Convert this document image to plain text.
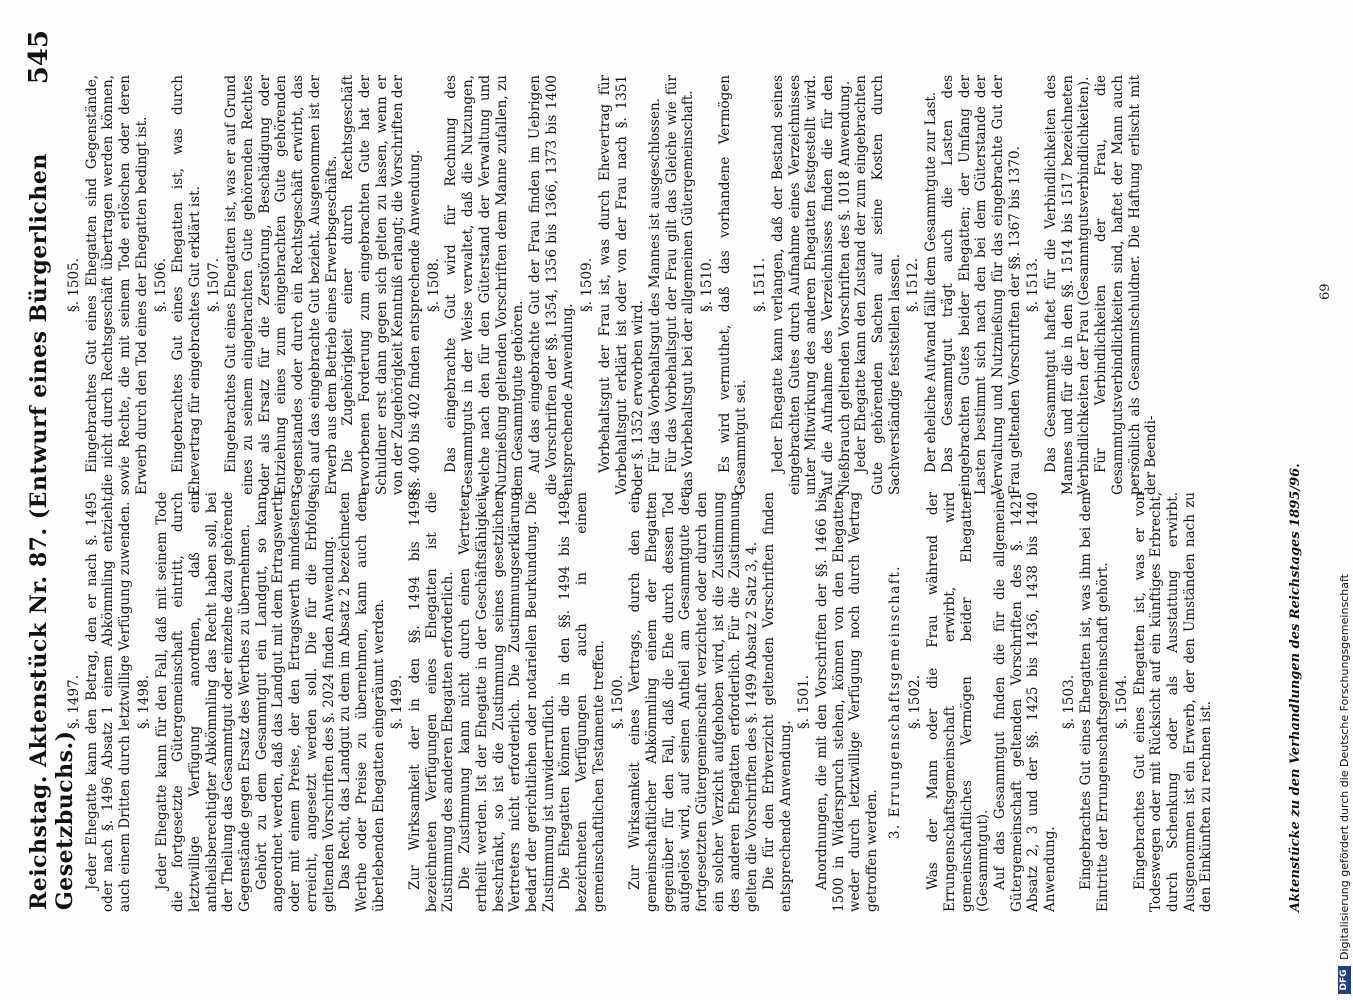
Reichstag. Aktenstück Nr. 87. (Entwurf eines Bürgerlichen Gesetzbuchs.)
545
§. 1497. Jeder Ehegatte kann den Betrag, den er nach §. 1495 oder nach §. 1496 Absatz 1 einem Abkömmling entzieht, auch einem Dritten durch letztwillige Verfügung zuwenden. §. 1498. Jeder Ehegatte kann für den Fall, daß mit seinem Tode die fortgesetzte Gütergemeinschaft eintritt, durch letztwillige Verfügung anordnen, daß ein antheilsberechtigter Abkömmling das Recht haben soll, bei der Theilung das Gesammtgut oder einzelne dazu gehörende Gegenstände gegen Ersatz des Werthes zu übernehmen. Gehört zu dem Gesammtgut ein Landgut, so kann angeordnet werden, daß das Landgut mit dem Ertragswerth oder mit einem Preise, der den Ertragswerth mindestens erreicht, angesetzt werden soll. Die für die Erbfolge geltenden Vorschriften des §. 2024 finden Anwendung. Das Recht, das Landgut zu dem im Absatz 2 bezeichneten Werthe oder Preise zu übernehmen, kann auch dem überlebenden Ehegatten eingeräumt werden. §. 1499. Zur Wirksamkeit der in den §§. 1494 bis 1498 bezeichneten Verfügungen eines Ehegatten ist die Zustimmung des anderen Ehegatten erforderlich. Die Zustimmung kann nicht durch einen Vertreter ertheilt werden. Ist der Ehegatte in der Geschäftsfähigkeit beschränkt, so ist die Zustimmung seines gesetzlichen Vertreters nicht erforderlich. Die Zustimmungserklärung bedarf der gerichtlichen oder notariellen Beurkundung. Die Zustimmung ist unwiderruflich. Die Ehegatten können die in den §§. 1494 bis 1498 bezeichneten Verfügungen auch in einem gemeinschaftlichen Testamente treffen. §. 1500. Zur Wirksamkeit eines Vertrags, durch den ein gemeinschaftlicher Abkömmling einem der Ehegatten gegenüber für den Fall, daß die Ehe durch dessen Tod aufgelöst wird, auf seinen Antheil am Gesammtgute der fortgesetzten Gütergemeinschaft verzichtet oder durch den ein solcher Verzicht aufgehoben wird, ist die Zustimmung des anderen Ehegatten erforderlich. Für die Zustimmung gelten die Vorschriften des §. 1499 Absatz 2 Satz 3, 4. Die für den Erbverzicht geltenden Vorschriften finden entsprechende Anwendung.

§. 1501. Anordnungen, die mit den Vorschriften der §§. 1466 bis 1500 in Widerspruch stehen, können von den Ehegatten weder durch letztwillige Verfügung noch durch Vertrag getroffen werden.

3. Errungenschaftsgemeinschaft. §. 1502. Was der Mann oder die Frau während der Errungenschaftsgemeinschaft erwirbt, wird gemeinschaftliches Vermögen beider Ehegatten (Gesammtgut). Auf das Gesammtgut finden die für die allgemeine Gütergemeinschaft geltenden Vorschriften des §. 1421 Absatz 2, 3 und der §§. 1425 bis 1436, 1438 bis 1440 Anwendung.

§. 1503. Eingebrachtes Gut eines Ehegatten ist, was ihm bei dem Eintritte der Errungenschaftsgemeinschaft gehört. §. 1504. Eingebrachtes Gut eines Ehegatten ist, was er von Todeswegen oder mit Rücksicht auf ein künftiges Erbrecht, durch Schenkung oder als Ausstattung erwirbt. Ausgenommen ist ein Erwerb, der den Umständen nach zu den Einkünften zu rechnen ist.

§. 1505. Eingebrachtes Gut eines Ehegatten sind Gegenstände, die nicht durch Rechtsgeschäft übertragen werden können, sowie Rechte, die mit seinem Tode erlöschen oder deren Erwerb durch den Tod eines der Ehegatten bedingt ist. §. 1506. Eingebrachtes Gut eines Ehegatten ist, was durch Ehevertrag für eingebrachtes Gut erklärt ist. §. 1507. Eingebrachtes Gut eines Ehegatten ist, was er auf Grund eines zu seinem eingebrachten Gute gehörenden Rechtes oder als Ersatz für die Zerstörung, Beschädigung oder Entziehung eines zum eingebrachten Gute gehörenden Gegenstandes oder durch ein Rechtsgeschäft erwirbt, das sich auf das eingebrachte Gut bezieht. Ausgenommen ist der Erwerb aus dem Betrieb eines Erwerbsgeschäfts. Die Zugehörigkeit einer durch Rechtsgeschäft erworbenen Forderung zum eingebrachten Gute hat der Schuldner erst dann gegen sich gelten zu lassen, wenn er von der Zugehörigkeit Kenntniß erlangt; die Vorschriften der §§. 400 bis 402 finden entsprechende Anwendung. §. 1508. Das eingebrachte Gut wird für Rechnung des Gesammtguts in der Weise verwaltet, daß die Nutzungen, welche nach den für den Güterstand der Verwaltung und Nutznießung geltenden Vorschriften dem Manne zufallen, zu dem Gesammtgute gehören. Auf das eingebrachte Gut der Frau finden im Uebrigen die Vorschriften der §§. 1354, 1356 bis 1366, 1373 bis 1400 entsprechende Anwendung.

§. 1509. Vorbehaltsgut der Frau ist, was durch Ehevertrag für Vorbehaltsgut erklärt ist oder von der Frau nach §. 1351 oder §. 1352 erworben wird. Für das Vorbehaltsgut des Mannes ist ausgeschlossen. Für das Vorbehaltsgut der Frau gilt das Gleiche wie für das Vorbehaltsgut bei der allgemeinen Gütergemeinschaft. §. 1510. Es wird vermuthet, daß das vorhandene Vermögen Gesammtgut sei.

§. 1511. Jeder Ehegatte kann verlangen, daß der Bestand seines eingebrachten Gutes durch Aufnahme eines Verzeichnisses unter Mitwirkung des anderen Ehegatten festgestellt wird. Auf die Aufnahme des Verzeichnisses finden die für den Nießbrauch geltenden Vorschriften des §. 1018 Anwendung. Jeder Ehegatte kann den Zustand der zum eingebrachten Gute gehörenden Sachen auf seine Kosten durch Sachverständige feststellen lassen. §. 1512. Der eheliche Aufwand fällt dem Gesammtgute zur Last. Das Gesammtgut trägt auch die Lasten des eingebrachten Gutes beider Ehegatten; der Umfang der Lasten bestimmt sich nach den bei dem Güterstande der Verwaltung und Nutznießung für das eingebrachte Gut der Frau geltenden Vorschriften der §§. 1367 bis 1370. §. 1513. Das Gesammtgut haftet für die Verbindlichkeiten des Mannes und für die in den §§. 1514 bis 1517 bezeichneten Verbindlichkeiten der Frau (Gesammtgutsverbindlichkeiten). Für Verbindlichkeiten der Frau, die Gesammtgutsverbindlichkeiten sind, haftet der Mann auch persönlich als Gesammtschuldner. Die Haftung erlischt mit der Beendi-

Aktenstücke zu den Verhandlungen des Reichstages 1895/96.
69
DFG
Digitalisierung gefördert durch die Deutsche Forschungsgemeinschaft
